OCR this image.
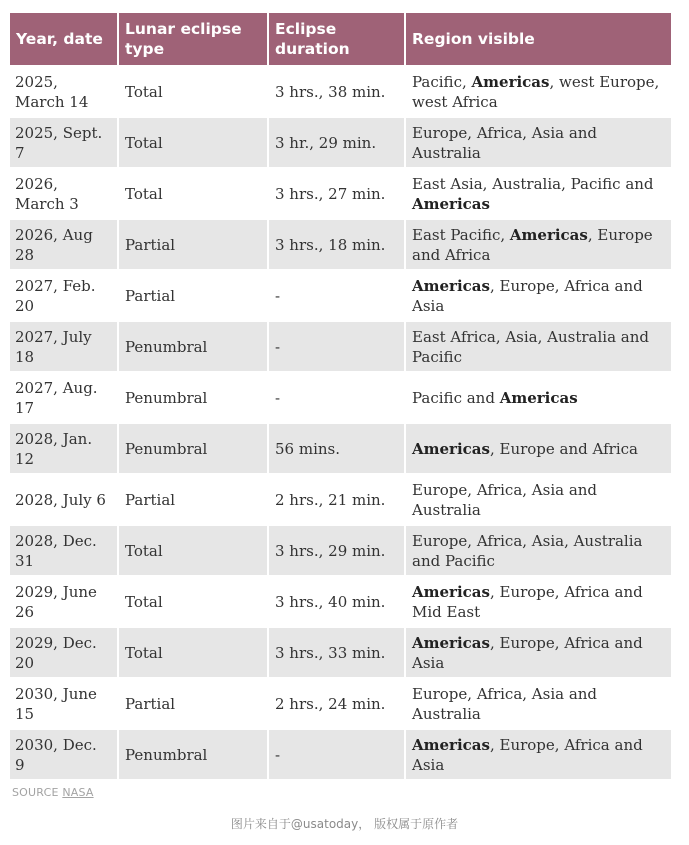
Year, date	Lunar eclipse type	Eclipse duration	Region visible
2025, March 14	Total	3 hrs., 38 min.	Pacific, Americas, west Europe, west Africa
2025, Sept. 7	Total	3 hr., 29 min.	Europe, Africa, Asia and Australia
2026, March 3	Total	3 hrs., 27 min.	East Asia, Australia, Pacific and Americas
2026, Aug 28	Partial	3 hrs., 18 min.	East Pacific, Americas, Europe and Africa
2027, Feb. 20	Partial	-	Americas, Europe, Africa and Asia
2027, July 18	Penumbral	-	East Africa, Asia, Australia and Pacific
2027, Aug. 17	Penumbral	-	Pacific and Americas
2028, Jan. 12	Penumbral	56 mins.	Americas, Europe and Africa
2028, July 6	Partial	2 hrs., 21 min.	Europe, Africa, Asia and Australia
2028, Dec. 31	Total	3 hrs., 29 min.	Europe, Africa, Asia, Australia and Pacific
2029, June 26	Total	3 hrs., 40 min.	Americas, Europe, Africa and Mid East
2029, Dec. 20	Total	3 hrs., 33 min.	Americas, Europe, Africa and Asia
2030, June 15	Partial	2 hrs., 24 min.	Europe, Africa, Asia and Australia
2030, Dec. 9	Penumbral	-	Americas, Europe, Africa and Asia
SOURCE NASA
图片来自于@usatoday， 版权属于原作者
